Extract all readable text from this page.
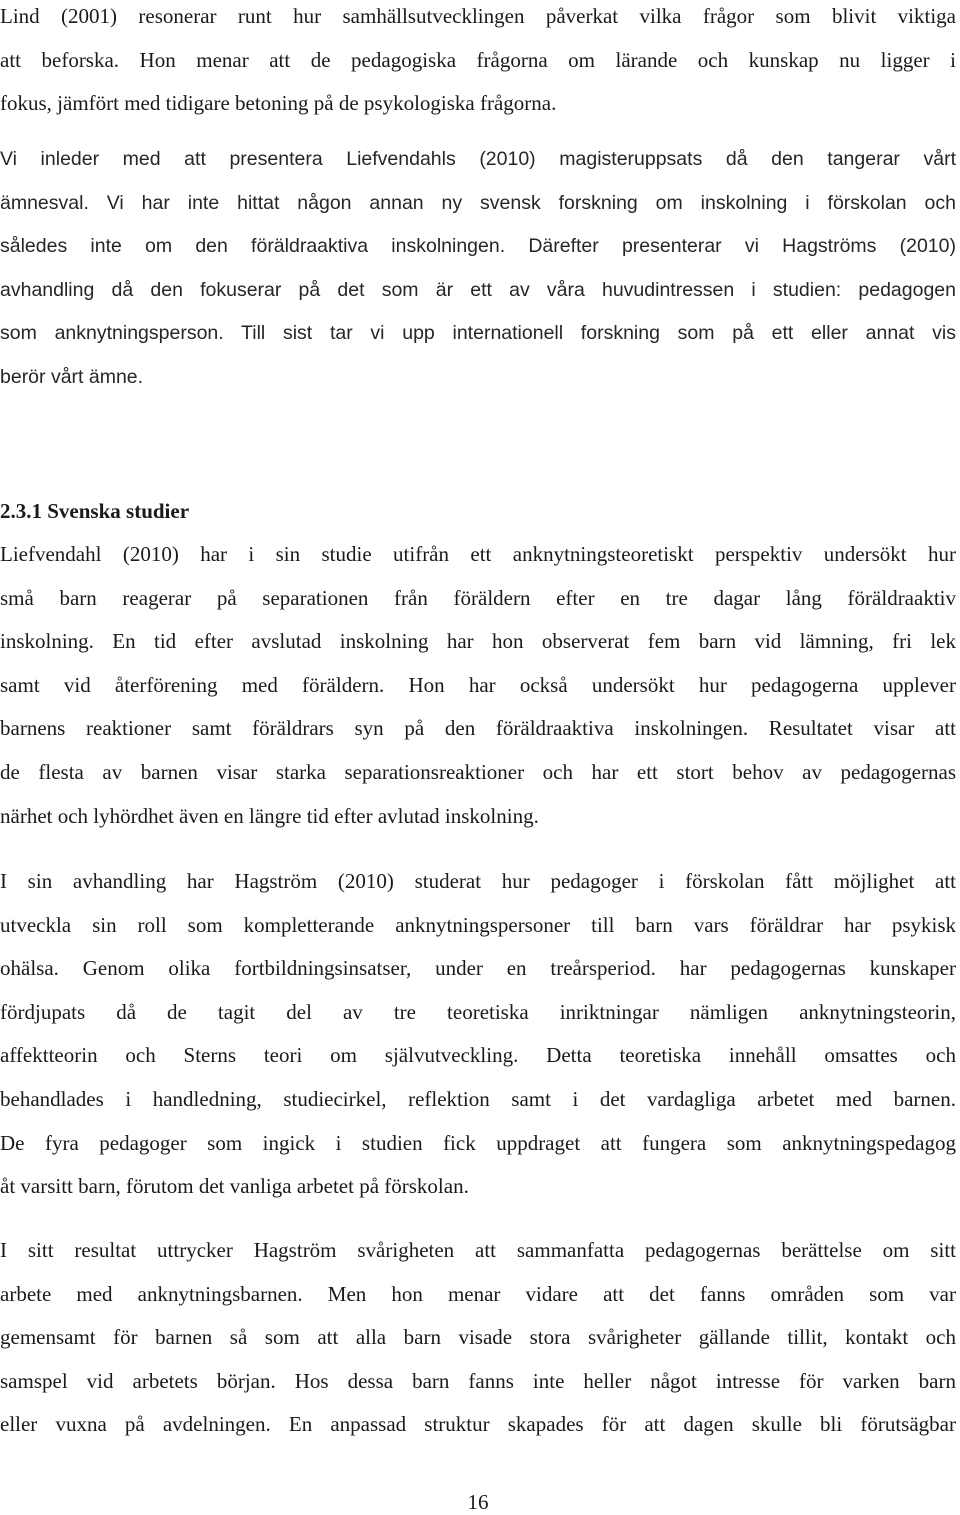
Lind (2001) resonerar runt hur samhällsutvecklingen påverkat vilka frågor som blivit viktiga
att beforska. Hon menar att de pedagogiska frågorna om lärande och kunskap nu ligger i
fokus, jämfört med tidigare betoning på de psykologiska frågorna.

Vi inleder med att presentera Liefvendahls (2010) magisteruppsats då den tangerar vårt
ämnesval. Vi har inte hittat någon annan ny svensk forskning om inskolning i förskolan och
således inte om den föräldraaktiva inskolningen. Därefter presenterar vi Hagströms (2010)
avhandling då den fokuserar på det som är ett av våra huvudintressen i studien: pedagogen
som anknytningsperson. Till sist tar vi upp internationell forskning som på ett eller annat vis
berör vårt ämne.

2.3.1 Svenska studier

Liefvendahl (2010) har i sin studie utifrån ett anknytningsteoretiskt perspektiv undersökt hur
små barn reagerar på separationen från föräldern efter en tre dagar lång föräldraaktiv
inskolning. En tid efter avslutad inskolning har hon observerat fem barn vid lämning, fri lek
samt vid återförening med föräldern. Hon har också undersökt hur pedagogerna upplever
barnens reaktioner samt föräldrars syn på den föräldraaktiva inskolningen. Resultatet visar att
de flesta av barnen visar starka separationsreaktioner och har ett stort behov av pedagogernas
närhet och lyhördhet även en längre tid efter avlutad inskolning.

I sin avhandling har Hagström (2010) studerat hur pedagoger i förskolan fått möjlighet att
utveckla sin roll som kompletterande anknytningspersoner till barn vars föräldrar har psykisk
ohälsa. Genom olika fortbildningsinsatser, under en treårsperiod. har pedagogernas kunskaper
fördjupats då de tagit del av tre teoretiska inriktningar nämligen anknytningsteorin,
affektteorin och Sterns teori om självutveckling. Detta teoretiska innehåll omsattes och
behandlades i handledning, studiecirkel, reflektion samt i det vardagliga arbetet med barnen.
De fyra pedagoger som ingick i studien fick uppdraget att fungera som anknytningspedagog
åt varsitt barn, förutom det vanliga arbetet på förskolan.

I sitt resultat uttrycker Hagström svårigheten att sammanfatta pedagogernas berättelse om sitt
arbete med anknytningsbarnen. Men hon menar vidare att det fanns områden som var
gemensamt för barnen så som att alla barn visade stora svårigheter gällande tillit, kontakt och
samspel vid arbetets början. Hos dessa barn fanns inte heller något intresse för varken barn
eller vuxna på avdelningen. En anpassad struktur skapades för att dagen skulle bli förutsägbar

16
